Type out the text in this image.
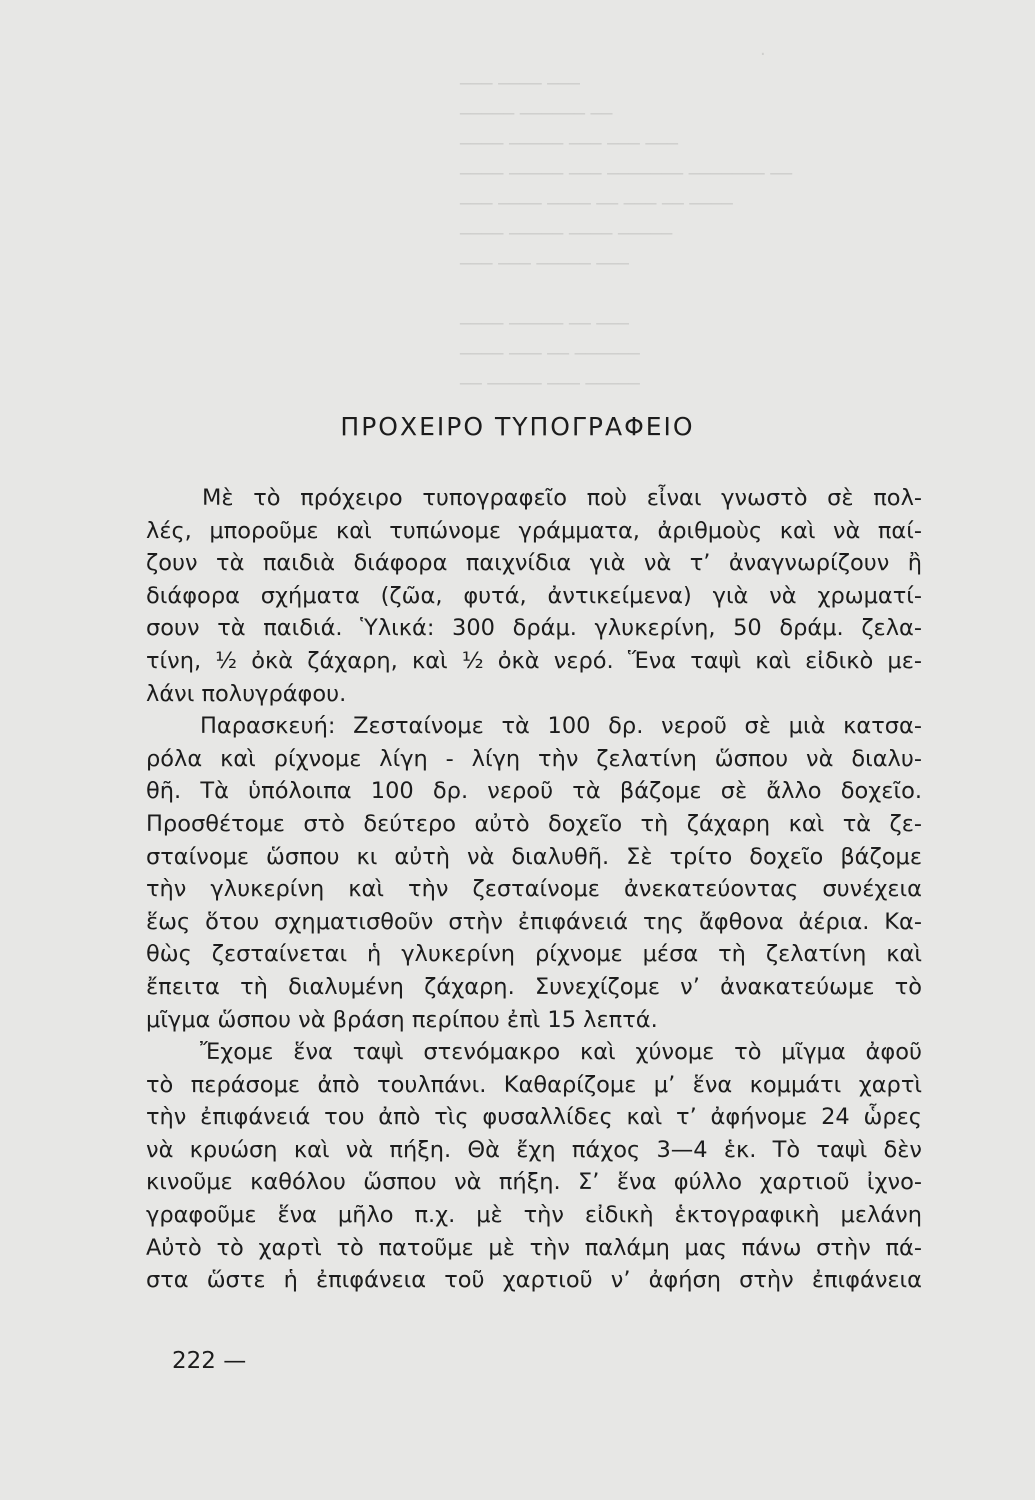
·
─── ──── ───
───── ────── ──
──── ───── ─── ─── ───
──── ───── ─── ─────── ─────── ──
─── ──── ──── ── ─── ── ────
──── ───── ──── ─────
─── ─── ───── ───

──── ───── ── ───
──── ─── ── ──────
── ───── ─── ─────
ΠΡΟΧΕΙΡΟ ΤΥΠΟΓΡΑΦΕΙΟ
Μὲ τὸ πρόχειρο τυπογραφεῖο ποὺ εἶναι γνωστὸ σὲ πολ-
λές, μποροῦμε καὶ τυπώνομε γράμματα, ἀριθμοὺς καὶ νὰ παί-
ζουν τὰ παιδιὰ διάφορα παιχνίδια γιὰ νὰ τ’ ἀναγνωρίζουν ἢ
διάφορα σχήματα (ζῶα, φυτά, ἀντικείμενα) γιὰ νὰ χρωματί-
σουν τὰ παιδιά. Ὑλικά: 300 δράμ. γλυκερίνη, 50 δράμ. ζελα-
τίνη, ½ ὀκὰ ζάχαρη, καὶ ½ ὀκὰ νερό. Ἕνα ταψὶ καὶ εἰδικὸ με-
λάνι πολυγράφου.
Παρασκευή: Ζεσταίνομε τὰ 100 δρ. νεροῦ σὲ μιὰ κατσα-
ρόλα καὶ ρίχνομε λίγη - λίγη τὴν ζελατίνη ὥσπου νὰ διαλυ-
θῆ. Τὰ ὑπόλοιπα 100 δρ. νεροῦ τὰ βάζομε σὲ ἄλλο δοχεῖο.
Προσθέτομε στὸ δεύτερο αὐτὸ δοχεῖο τὴ ζάχαρη καὶ τὰ ζε-
σταίνομε ὥσπου κι αὐτὴ νὰ διαλυθῆ. Σὲ τρίτο δοχεῖο βάζομε
τὴν γλυκερίνη καὶ τὴν ζεσταίνομε ἀνεκατεύοντας συνέχεια
ἕως ὅτου σχηματισθοῦν στὴν ἐπιφάνειά της ἄφθονα ἀέρια. Κα-
θὼς ζεσταίνεται ἡ γλυκερίνη ρίχνομε μέσα τὴ ζελατίνη καὶ
ἔπειτα τὴ διαλυμένη ζάχαρη. Συνεχίζομε ν’ ἀνακατεύωμε τὸ
μῖγμα ὥσπου νὰ βράση περίπου ἐπὶ 15 λεπτά.
Ἔχομε ἕνα ταψὶ στενόμακρο καὶ χύνομε τὸ μῖγμα ἀφοῦ
τὸ περάσομε ἀπὸ τουλπάνι. Καθαρίζομε μ’ ἕνα κομμάτι χαρτὶ
τὴν ἐπιφάνειά του ἀπὸ τὶς φυσαλλίδες καὶ τ’ ἀφήνομε 24 ὧρες
νὰ κρυώση καὶ νὰ πήξη. Θὰ ἔχη πάχος 3—4 ἑκ. Τὸ ταψὶ δὲν
κινοῦμε καθόλου ὥσπου νὰ πήξη. Σ’ ἕνα φύλλο χαρτιοῦ ἰχνο-
γραφοῦμε ἕνα μῆλο π.χ. μὲ τὴν εἰδικὴ ἑκτογραφικὴ μελάνη
Αὐτὸ τὸ χαρτὶ τὸ πατοῦμε μὲ τὴν παλάμη μας πάνω στὴν πά-
στα ὥστε ἡ ἐπιφάνεια τοῦ χαρτιοῦ ν’ ἀφήση στὴν ἐπιφάνεια
222 —
